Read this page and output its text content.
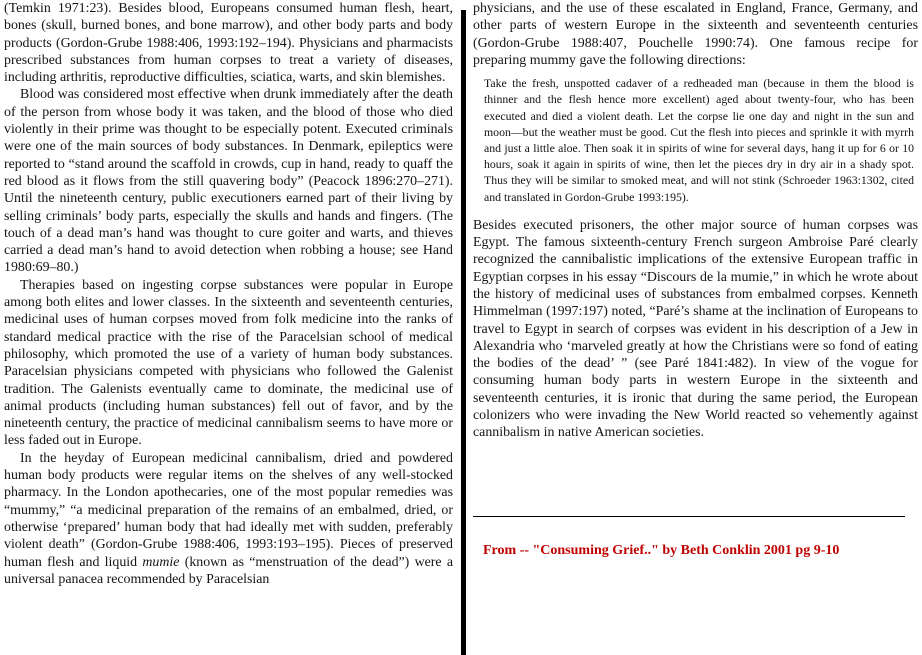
(Temkin 1971:23). Besides blood, Europeans consumed human flesh, heart, bones (skull, burned bones, and bone marrow), and other body parts and body products (Gordon-Grube 1988:406, 1993:192–194). Physicians and pharmacists prescribed substances from human corpses to treat a variety of diseases, including arthritis, reproductive difficulties, sciatica, warts, and skin blemishes.

Blood was considered most effective when drunk immediately after the death of the person from whose body it was taken, and the blood of those who died violently in their prime was thought to be especially potent. Executed criminals were one of the main sources of body substances. In Denmark, epileptics were reported to “stand around the scaffold in crowds, cup in hand, ready to quaff the red blood as it flows from the still quavering body” (Peacock 1896:270–271). Until the nineteenth century, public executioners earned part of their living by selling criminals’ body parts, especially the skulls and hands and fingers. (The touch of a dead man’s hand was thought to cure goiter and warts, and thieves carried a dead man’s hand to avoid detection when robbing a house; see Hand 1980:69–80.)

Therapies based on ingesting corpse substances were popular in Europe among both elites and lower classes. In the sixteenth and seventeenth centuries, medicinal uses of human corpses moved from folk medicine into the ranks of standard medical practice with the rise of the Paracelsian school of medical philosophy, which promoted the use of a variety of human body substances. Paracelsian physicians competed with physicians who followed the Galenist tradition. The Galenists eventually came to dominate, the medicinal use of animal products (including human substances) fell out of favor, and by the nineteenth century, the practice of medicinal cannibalism seems to have more or less faded out in Europe.

In the heyday of European medicinal cannibalism, dried and powdered human body products were regular items on the shelves of any well-stocked pharmacy. In the London apothecaries, one of the most popular remedies was “mummy,” “a medicinal preparation of the remains of an embalmed, dried, or otherwise ‘prepared’ human body that had ideally met with sudden, preferably violent death” (Gordon-Grube 1988:406, 1993:193–195). Pieces of preserved human flesh and liquid mumie (known as “menstruation of the dead”) were a universal panacea recommended by Paracelsian

physicians, and the use of these escalated in England, France, Germany, and other parts of western Europe in the sixteenth and seventeenth centuries (Gordon-Grube 1988:407, Pouchelle 1990:74). One famous recipe for preparing mummy gave the following directions:

Take the fresh, unspotted cadaver of a redheaded man (because in them the blood is thinner and the flesh hence more excellent) aged about twenty-four, who has been executed and died a violent death. Let the corpse lie one day and night in the sun and moon—but the weather must be good. Cut the flesh into pieces and sprinkle it with myrrh and just a little aloe. Then soak it in spirits of wine for several days, hang it up for 6 or 10 hours, soak it again in spirits of wine, then let the pieces dry in dry air in a shady spot. Thus they will be similar to smoked meat, and will not stink (Schroeder 1963:1302, cited and translated in Gordon-Grube 1993:195).

Besides executed prisoners, the other major source of human corpses was Egypt. The famous sixteenth-century French surgeon Ambroise Paré clearly recognized the cannibalistic implications of the extensive European traffic in Egyptian corpses in his essay “Discours de la mumie,” in which he wrote about the history of medicinal uses of substances from embalmed corpses. Kenneth Himmelman (1997:197) noted, “Paré’s shame at the inclination of Europeans to travel to Egypt in search of corpses was evident in his description of a Jew in Alexandria who ‘marveled greatly at how the Christians were so fond of eating the bodies of the dead’ ” (see Paré 1841:482). In view of the vogue for consuming human body parts in western Europe in the sixteenth and seventeenth centuries, it is ironic that during the same period, the European colonizers who were invading the New World reacted so vehemently against cannibalism in native American societies.

From -- "Consuming Grief.." by Beth Conklin 2001 pg 9-10
